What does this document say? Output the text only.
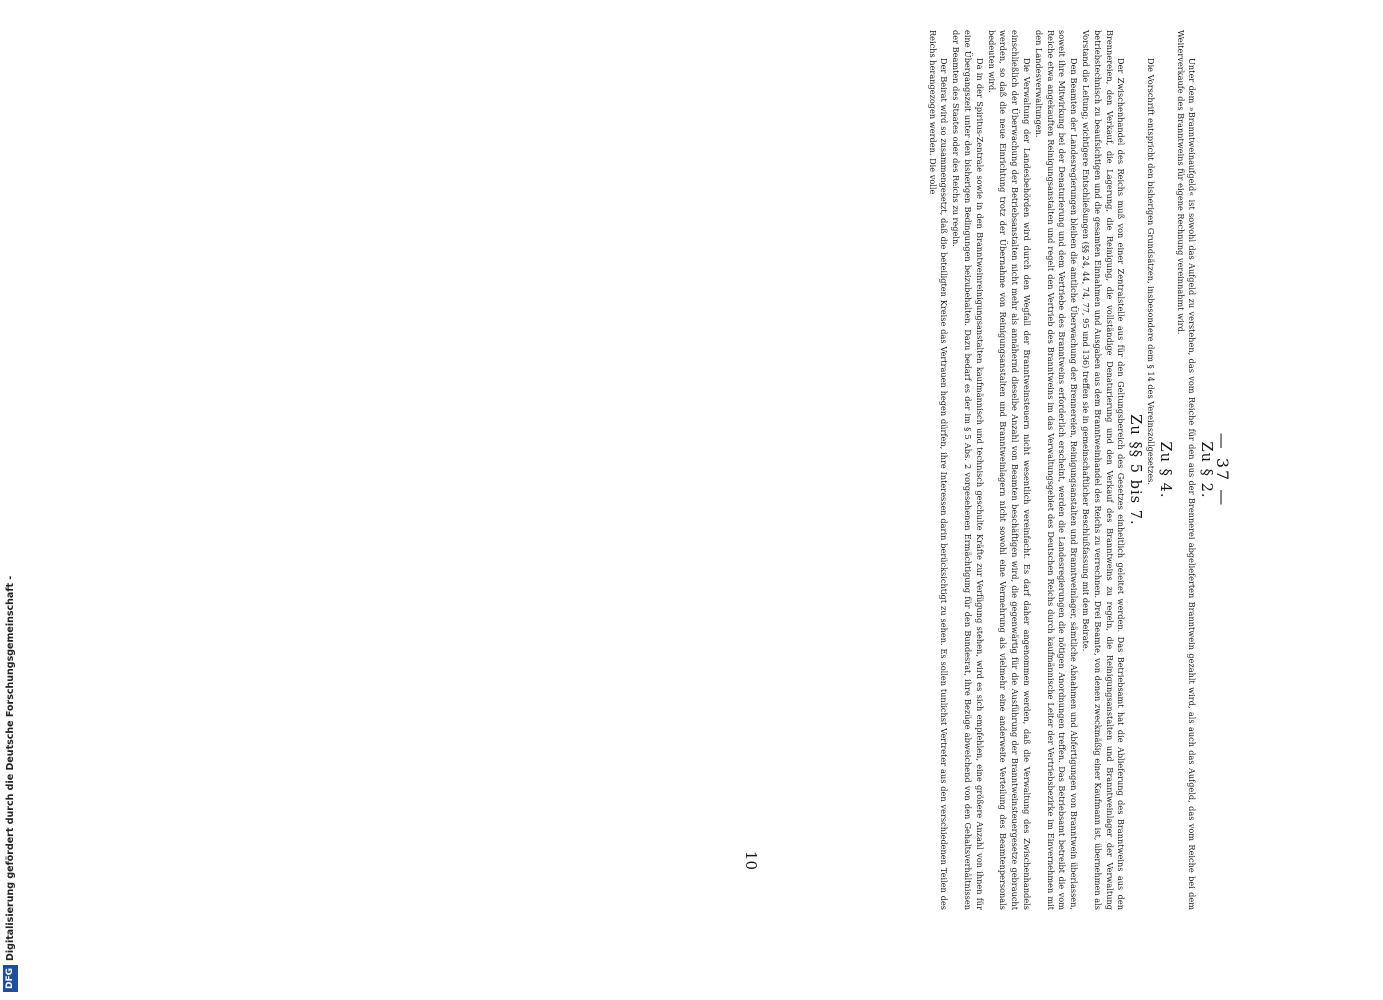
— 37 —
Zu § 2.

Unter dem »Branntweinaufgeld« ist sowohl das Aufgeld zu verstehen, das vom Reiche für den aus der Brennerei abgelieferten Branntwein gezahlt wird, als auch das Aufgeld, das vom Reiche bei dem Weiterverkaufe des Branntweins für eigene Rechnung vereinnahmt wird.

Zu § 4.

Die Vorschrift entspricht den bisherigen Grundsätzen, insbesondere dem § 14 des Vereinszollgesetzes.

Zu §§ 5 bis 7.

Der Zwischenhandel des Reichs muß von einer Zentralstelle aus für den Geltungsbereich des Gesetzes einheitlich geleitet werden. Das Betriebsamt hat die Ablieferung des Branntweins aus den Brennereien, den Verkauf, die Lagerung, die Reinigung, die vollständige Denaturierung und den Verkauf des Branntweins zu regeln, die Reinigungsanstalten und Branntweinlager der Verwaltung betriebstechnisch zu beaufsichtigen und die gesamten Einnahmen und Ausgaben aus dem Branntweinhandel des Reichs zu verrechnen. Drei Beamte, von denen zweckmäßig einer Kaufmann ist, übernehmen als Vorstand die Leitung; wichtigere Entschließungen (§§ 24, 44, 74, 77, 95 und 136) treffen sie in gemeinschaftlicher Beschlußfassung mit dem Beirate.

Den Beamten der Landesregierungen bleiben die amtliche Überwachung der Brennereien, Reinigungsanstalten und Branntweinlager, sämtliche Abnahmen und Abfertigungen von Branntwein überlassen, soweit ihre Mitwirkung bei der Denaturierung und dem Vertriebe des Branntweins erforderlich erscheint, werden die Landesregierungen die nötigen Anordnungen treffen. Das Betriebsamt betreibt die vom Reiche etwa angekauften Reinigungsanstalten und regelt den Vertrieb des Branntweins im das Verwaltungsgebiet des Deutschen Reichs durch kaufmännische Leiter der Vertriebsbezirke im Einvernehmen mit den Landesverwaltungen.

Die Verwaltung der Landesbehörden wird durch den Wegfall der Branntweinsteuern nicht wesentlich vereinfacht. Es darf daher angenommen werden, daß die Verwaltung des Zwischenhandels einschließlich der Überwachung der Betriebsanstalten nicht mehr als annähernd dieselbe Anzahl von Beamten beschäftigen wird, die gegenwärtig für die Ausführung der Branntweinsteuergesetze gebraucht werden, so daß die neue Einrichtung trotz der Übernahme von Reinigungsanstalten und Branntweinlagern nicht sowohl eine Vermehrung als vielmehr eine anderweite Verteilung des Beamtenpersonals bedeuten wird.

Da in der Spiritus-Zentrale sowie in den Branntweinreinigungsanstalten kaufmännisch und technisch geschulte Kräfte zur Verfügung stehen, wird es sich empfehlen, eine größere Anzahl von ihnen für eine Übergangszeit unter den bisherigen Bedingungen beizubehalten. Dazu bedarf es der im § 5 Abs. 2 vorgesehenen Ermächtigung für den Bundesrat, ihre Bezüge abweichend von den Gehaltsverhältnissen der Beamten des Staates oder des Reichs zu regeln.

Der Beirat wird so zusammengesetzt, daß die beteiligten Kreise das Vertrauen hegen dürfen, ihre Interessen darin berücksichtigt zu sehen. Es sollen tunlichst Vertreter aus den verschiedenen Teilen des Reichs herangezogen werden. Die volle

10
DFG
Digitalisierung gefördert durch die Deutsche Forschungsgemeinschaft -
